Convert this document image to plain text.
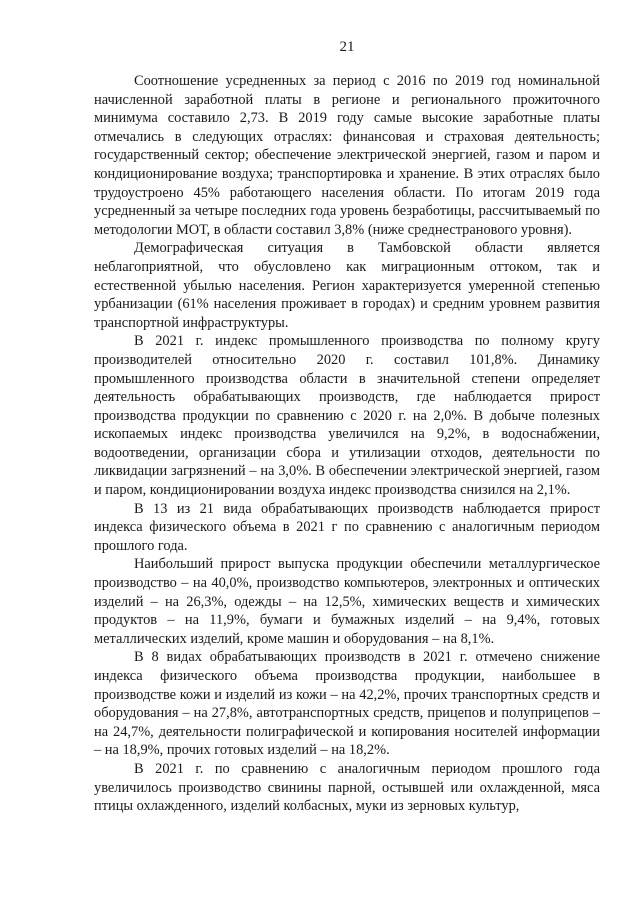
21

Соотношение усредненных за период с 2016 по 2019 год номинальной начисленной заработной платы в регионе и регионального прожиточного минимума составило 2,73. В 2019 году самые высокие заработные платы отмечались в следующих отраслях: финансовая и страховая деятельность; государственный сектор; обеспечение электрической энергией, газом и паром и кондиционирование воздуха; транспортировка и хранение. В этих отраслях было трудоустроено 45% работающего населения области. По итогам 2019 года усредненный за четыре последних года уровень безработицы, рассчитываемый по методологии МОТ, в области составил 3,8% (ниже среднестранового уровня).

Демографическая ситуация в Тамбовской области является неблагоприятной, что обусловлено как миграционным оттоком, так и естественной убылью населения. Регион характеризуется умеренной степенью урбанизации (61% населения проживает в городах) и средним уровнем развития транспортной инфраструктуры.

В 2021 г. индекс промышленного производства по полному кругу производителей относительно 2020 г. составил 101,8%. Динамику промышленного производства области в значительной степени определяет деятельность обрабатывающих производств, где наблюдается прирост производства продукции по сравнению с 2020 г. на 2,0%. В добыче полезных ископаемых индекс производства увеличился на 9,2%, в водоснабжении, водоотведении, организации сбора и утилизации отходов, деятельности по ликвидации загрязнений – на 3,0%. В обеспечении электрической энергией, газом и паром, кондиционировании воздуха индекс производства снизился на 2,1%.

В 13 из 21 вида обрабатывающих производств наблюдается прирост индекса физического объема в 2021 г по сравнению с аналогичным периодом прошлого года.

Наибольший прирост выпуска продукции обеспечили металлургическое производство – на 40,0%, производство компьютеров, электронных и оптических изделий – на 26,3%, одежды – на 12,5%, химических веществ и химических продуктов – на 11,9%, бумаги и бумажных изделий – на 9,4%, готовых металлических изделий, кроме машин и оборудования – на 8,1%.

В 8 видах обрабатывающих производств в 2021 г. отмечено снижение индекса физического объема производства продукции, наибольшее в производстве кожи и изделий из кожи – на 42,2%, прочих транспортных средств и оборудования – на 27,8%, автотранспортных средств, прицепов и полуприцепов – на 24,7%, деятельности полиграфической и копирования носителей информации – на 18,9%, прочих готовых изделий – на 18,2%.

В 2021 г. по сравнению с аналогичным периодом прошлого года увеличилось производство свинины парной, остывшей или охлажденной, мяса птицы охлажденного, изделий колбасных, муки из зерновых культур,
